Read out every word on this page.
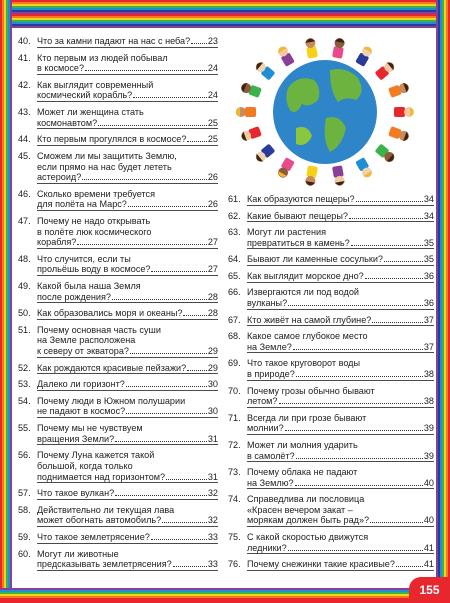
40. Что за камни падают на нас с неба? 23
41. Кто первым из людей побывал
в космосе?	24
42. Как выглядит современный
космический корабль?	24
43. Может ли женщина стать
космонавтом?	25
44. Кто первым прогулялся в космосе? 25
45. Сможем ли мы защитить Землю,
если прямо на нас будет лететь
астероид?	26
46. Сколько времени требуется
для полёта на Марс?	26
47. Почему не надо открывать
в полёте люк космического
корабля?	27
48. Что случится, если ты
прольёшь воду в космосе?	27
49. Какой была наша Земля
после рождения?	28
50. Как образовались моря и океаны?	28
51. Почему основная часть суши
на Земле расположена
к северу от экватора?	29
52. Как рождаются красивые пейзажи? 29
53. Далеко ли горизонт?	30
54. Почему люди в Южном полушарии
не падают в космос?	30
55. Почему мы не чувствуем
вращения Земли?	31
56. Почему Луна кажется такой
большой, когда только
поднимается над горизонтом?	31
57. Что такое вулкан?	32
58. Действительно ли текущая лава
может обогнать автомобиль?	32
59. Что такое землетрясение?	33
60. Могут ли животные
предсказывать землетрясения?	33
61. Как образуются пещеры?	34
62. Какие бывают пещеры?	34
63. Могут ли растения
превратиться в камень?	35
64. Бывают ли каменные сосульки?	35
65. Как выглядит морское дно?	36
66. Извергаются ли под водой
вулканы?	36
67. Кто живёт на самой глубине?	37
68. Какое самое глубокое место
на Земле?	37
69. Что такое круговорот воды
в природе?	38
70. Почему грозы обычно бывают
летом?	38
71. Всегда ли при грозе бывают
молнии?	39
72. Может ли молния ударить
в самолёт?	39
73. Почему облака не падают
на Землю?	40
74. Справедлива ли пословица
«Красен вечером закат –
морякам должен быть рад»?	40
75. С какой скоростью движутся
ледники?	41
76. Почему снежинки такие красивые?	41
155
